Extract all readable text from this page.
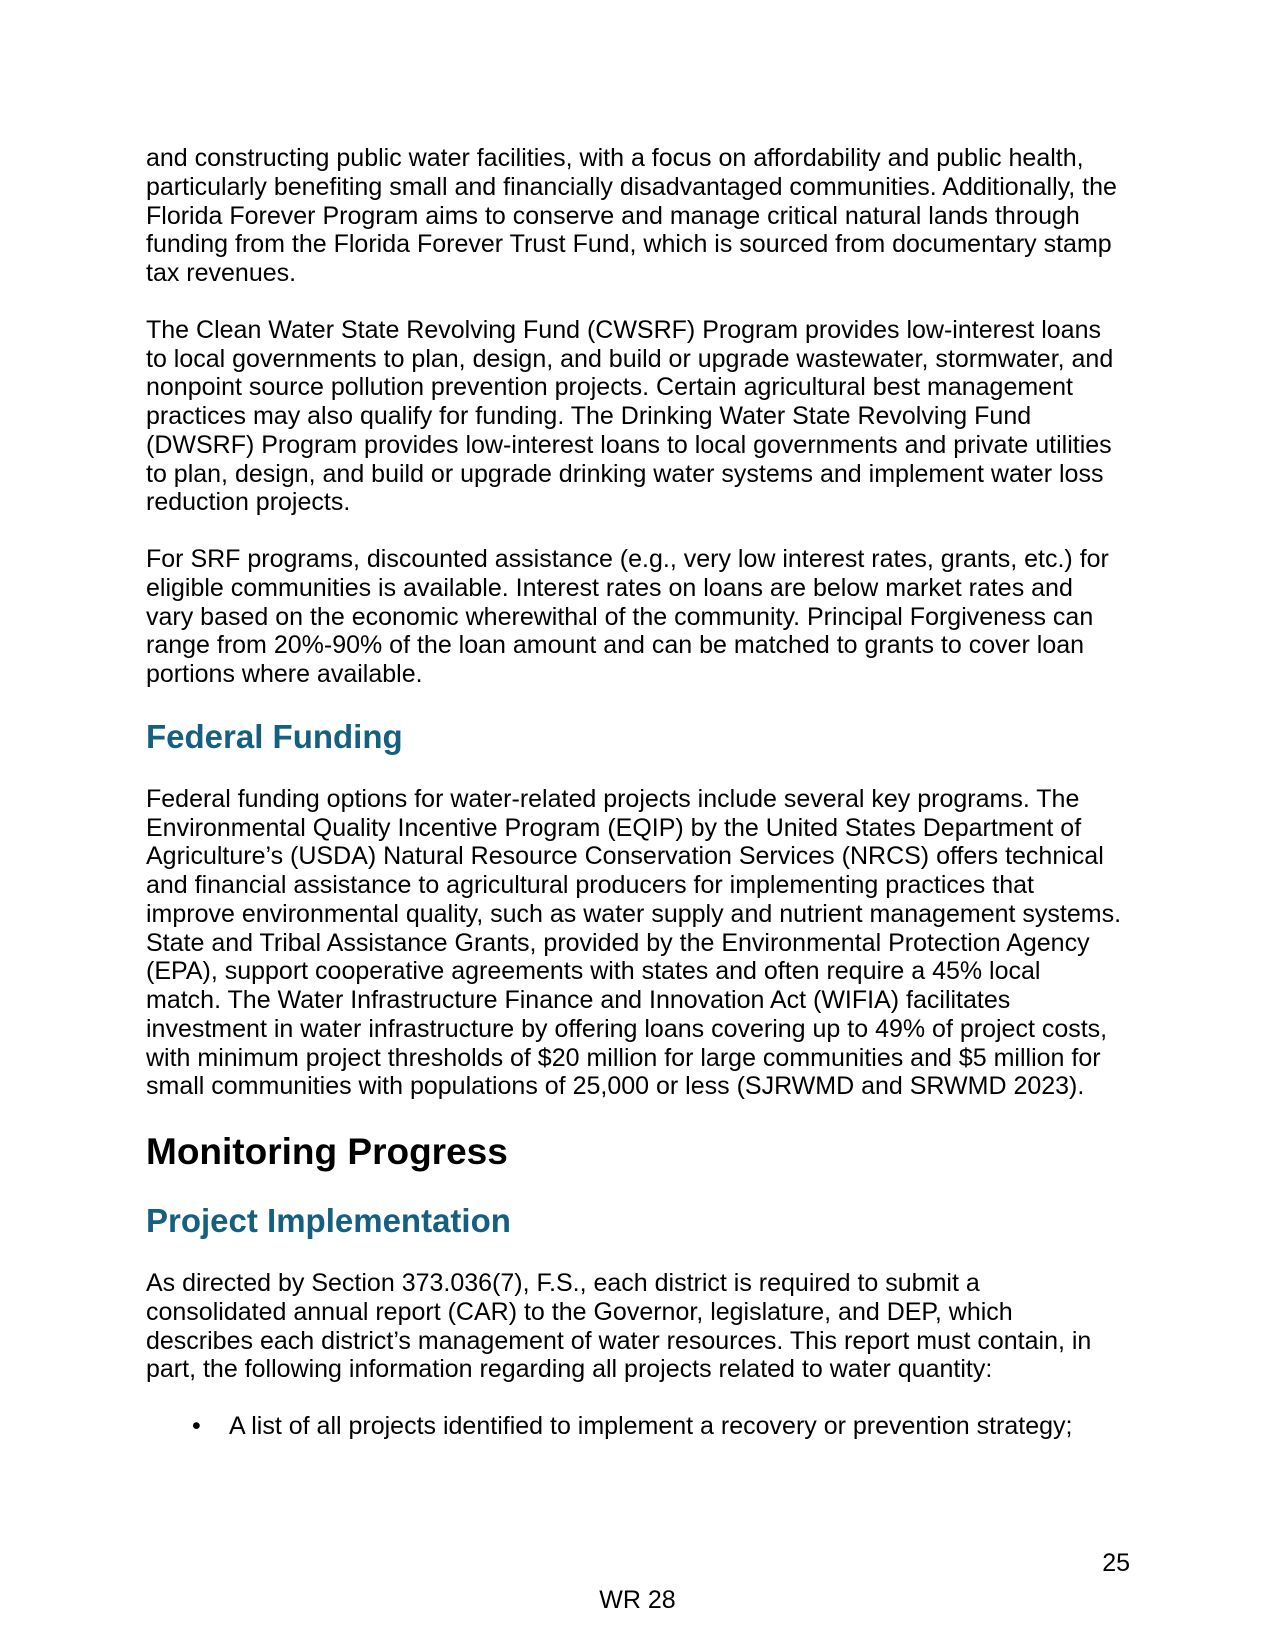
and constructing public water facilities, with a focus on affordability and public health, particularly benefiting small and financially disadvantaged communities. Additionally, the Florida Forever Program aims to conserve and manage critical natural lands through funding from the Florida Forever Trust Fund, which is sourced from documentary stamp tax revenues.

The Clean Water State Revolving Fund (CWSRF) Program provides low-interest loans to local governments to plan, design, and build or upgrade wastewater, stormwater, and nonpoint source pollution prevention projects. Certain agricultural best management practices may also qualify for funding. The Drinking Water State Revolving Fund (DWSRF) Program provides low-interest loans to local governments and private utilities to plan, design, and build or upgrade drinking water systems and implement water loss reduction projects.

For SRF programs, discounted assistance (e.g., very low interest rates, grants, etc.) for eligible communities is available. Interest rates on loans are below market rates and vary based on the economic wherewithal of the community. Principal Forgiveness can range from 20%-90% of the loan amount and can be matched to grants to cover loan portions where available.

Federal Funding

Federal funding options for water-related projects include several key programs. The Environmental Quality Incentive Program (EQIP) by the United States Department of Agriculture’s (USDA) Natural Resource Conservation Services (NRCS) offers technical and financial assistance to agricultural producers for implementing practices that improve environmental quality, such as water supply and nutrient management systems. State and Tribal Assistance Grants, provided by the Environmental Protection Agency (EPA), support cooperative agreements with states and often require a 45% local match. The Water Infrastructure Finance and Innovation Act (WIFIA) facilitates investment in water infrastructure by offering loans covering up to 49% of project costs, with minimum project thresholds of $20 million for large communities and $5 million for small communities with populations of 25,000 or less (SJRWMD and SRWMD 2023).

Monitoring Progress
Project Implementation

As directed by Section 373.036(7), F.S., each district is required to submit a consolidated annual report (CAR) to the Governor, legislature, and DEP, which describes each district’s management of water resources. This report must contain, in part, the following information regarding all projects related to water quantity:

•	A list of all projects identified to implement a recovery or prevention strategy;
25
WR 28
